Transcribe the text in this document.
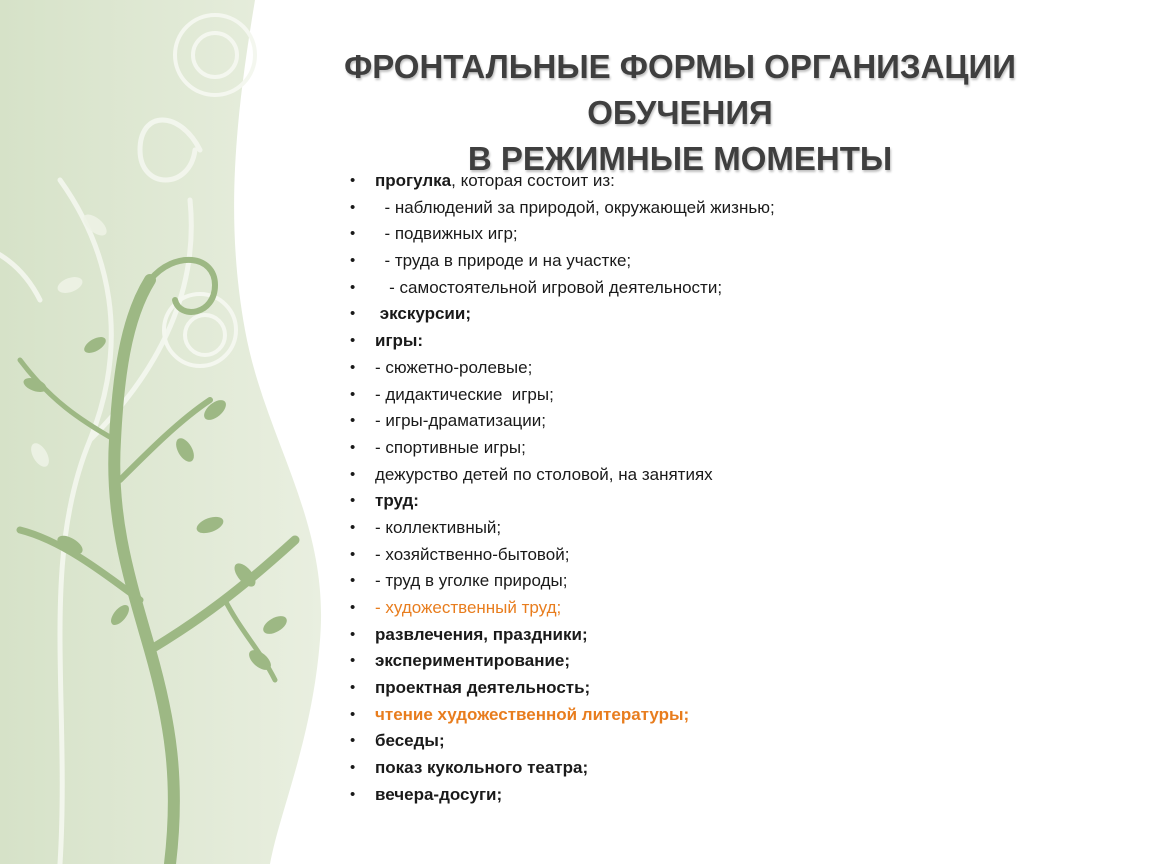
ФРОНТАЛЬНЫЕ ФОРМЫ ОРГАНИЗАЦИИ ОБУЧЕНИЯ
В РЕЖИМНЫЕ МОМЕНТЫ
• прогулка, которая состоит из:
•   - наблюдений за природой, окружающей жизнью;
•   - подвижных игр;
•   - труда в природе и на участке;
•    - самостоятельной игровой деятельности;
•  экскурсии;
• игры:
• - сюжетно-ролевые;
• - дидактические  игры;
• - игры-драматизации;
• - спортивные игры;
• дежурство детей по столовой, на занятиях
• труд:
• - коллективный;
• - хозяйственно-бытовой;
• - труд в уголке природы;
• - художественный труд;
• развлечения, праздники;
• экспериментирование;
• проектная деятельность;
• чтение художественной литературы;
• беседы;
• показ кукольного театра;
• вечера-досуги;
